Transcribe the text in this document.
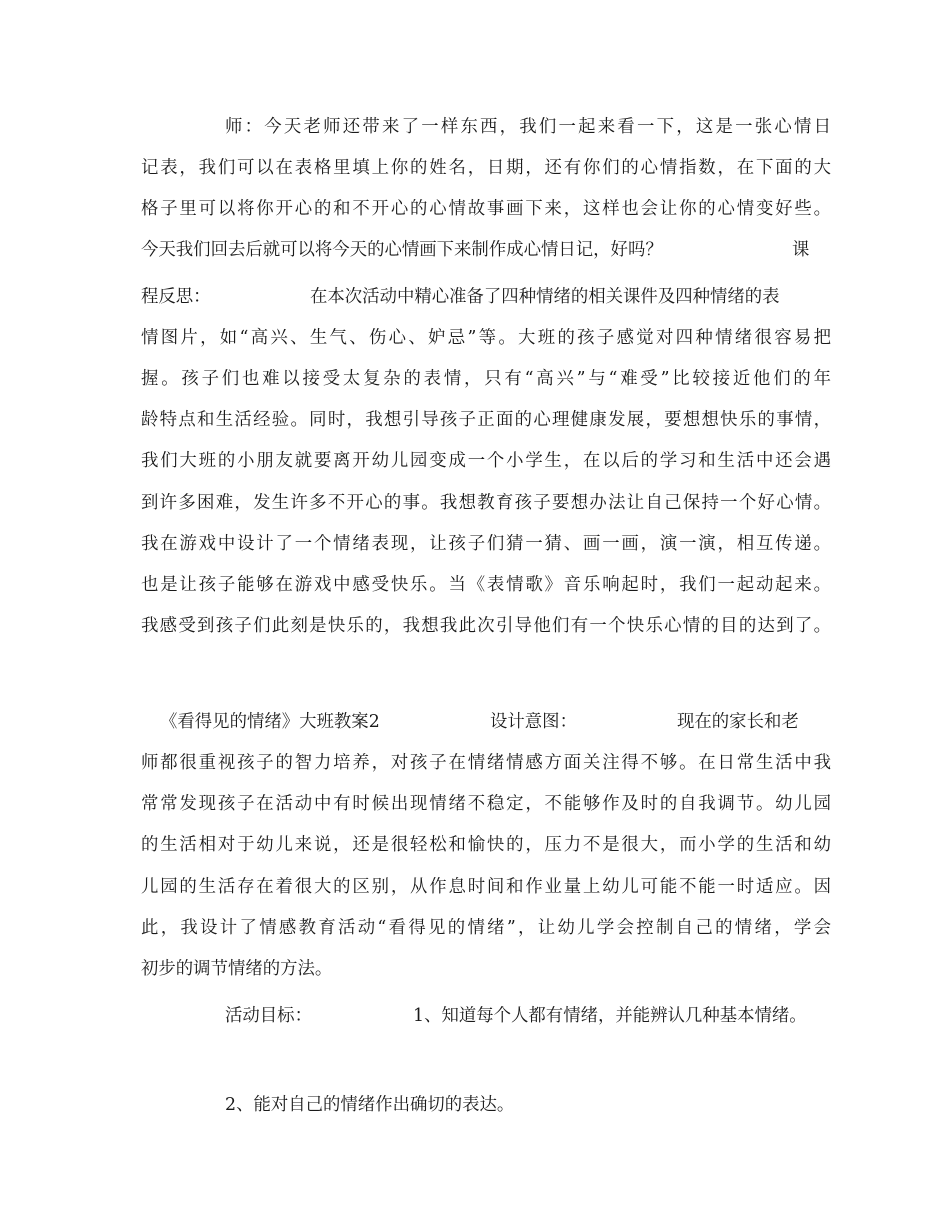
师：今天老师还带来了一样东西，我们一起来看一下，这是一张心情日
记表，我们可以在表格里填上你的姓名，日期，还有你们的心情指数，在下面的大
格子里可以将你开心的和不开心的心情故事画下来，这样也会让你的心情变好些。
今天我们回去后就可以将今天的心情画下来制作成心情日记，好吗？	课
程反思：	在本次活动中精心准备了四种情绪的相关课件及四种情绪的表
情图片，如“高兴、生气、伤心、妒忌”等。大班的孩子感觉对四种情绪很容易把
握。孩子们也难以接受太复杂的表情，只有“高兴”与“难受”比较接近他们的年
龄特点和生活经验。同时，我想引导孩子正面的心理健康发展，要想想快乐的事情，
我们大班的小朋友就要离开幼儿园变成一个小学生，在以后的学习和生活中还会遇
到许多困难，发生许多不开心的事。我想教育孩子要想办法让自己保持一个好心情。
我在游戏中设计了一个情绪表现，让孩子们猜一猜、画一画，演一演，相互传递。
也是让孩子能够在游戏中感受快乐。当《表情歌》音乐响起时，我们一起动起来。
我感受到孩子们此刻是快乐的，我想我此次引导他们有一个快乐心情的目的达到了。
《看得见的情绪》大班教案2	设计意图：	现在的家长和老
师都很重视孩子的智力培养，对孩子在情绪情感方面关注得不够。在日常生活中我
常常发现孩子在活动中有时候出现情绪不稳定，不能够作及时的自我调节。幼儿园
的生活相对于幼儿来说，还是很轻松和愉快的，压力不是很大，而小学的生活和幼
儿园的生活存在着很大的区别，从作息时间和作业量上幼儿可能不能一时适应。因
此，我设计了情感教育活动“看得见的情绪”，让幼儿学会控制自己的情绪，学会
初步的调节情绪的方法。
活动目标：	1、知道每个人都有情绪，并能辨认几种基本情绪。
2、能对自己的情绪作出确切的表达。
